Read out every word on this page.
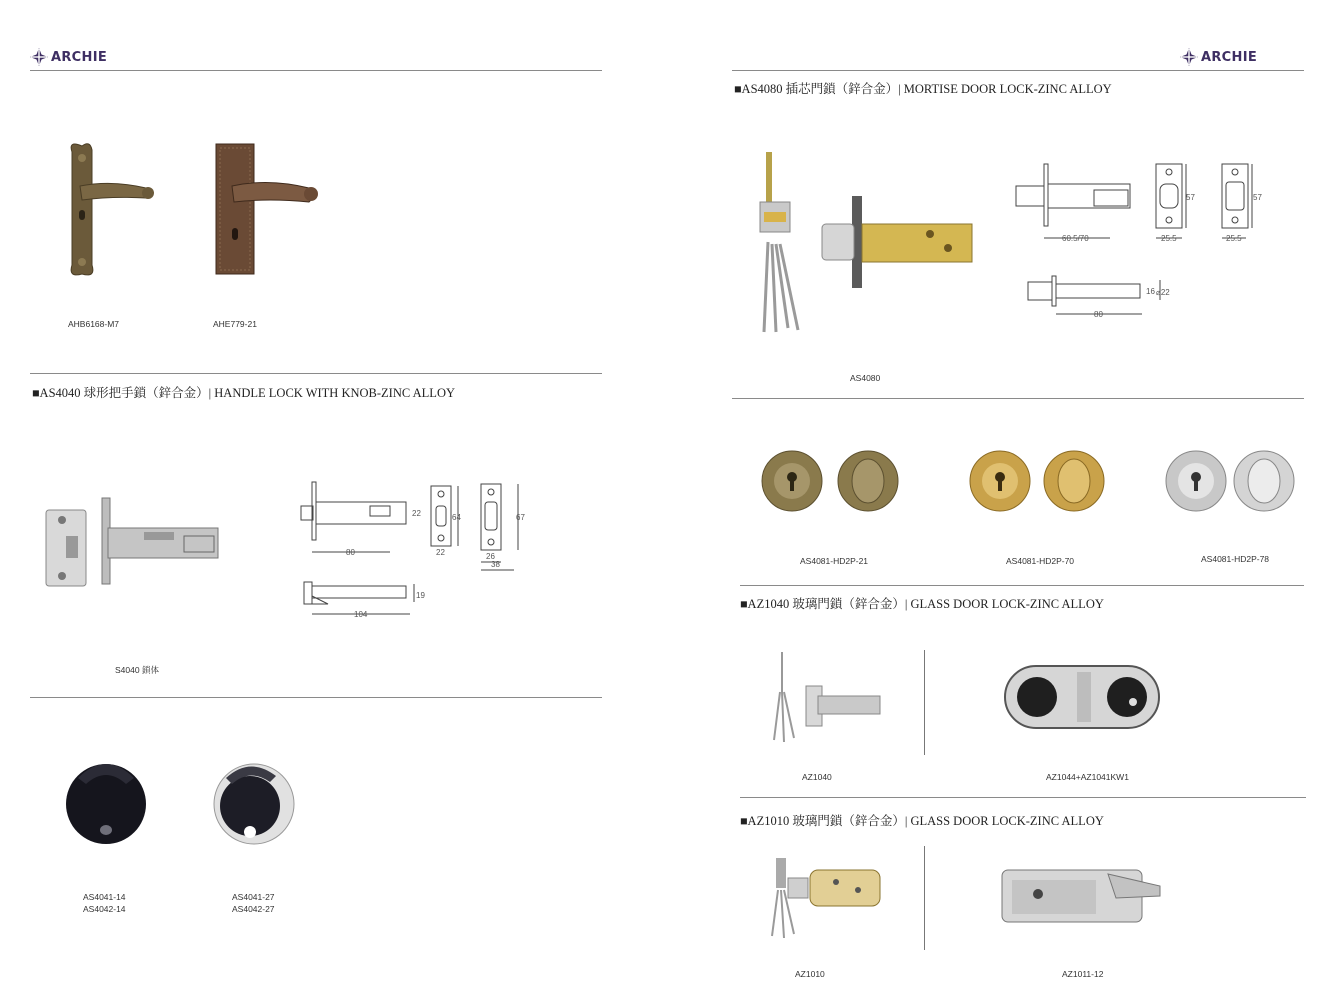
ARCHIE
AHB6168-M7	AHE779-21
■AS4040 球形把手鎖（鋅合金）| HANDLE LOCK WITH KNOB-ZINC ALLOY
80
22	64
22
67
26
38
104
19
S4040 鎖体
AS4041-14
AS4042-14
AS4041-27
AS4042-27
ARCHIE
■AS4080 插芯門鎖（鋅合金）| MORTISE DOOR LOCK-ZINC ALLOY
60.5/70	25.5
57
25.5
57
16 ⌀22
80
AS4080
AS4081-HD2P-21	AS4081-HD2P-70	AS4081-HD2P-78
■AZ1040 玻璃門鎖（鋅合金）| GLASS DOOR LOCK-ZINC ALLOY
AZ1040	AZ1044+AZ1041KW1
■AZ1010 玻璃門鎖（鋅合金）| GLASS DOOR LOCK-ZINC ALLOY
AZ1010	AZ1011-12
